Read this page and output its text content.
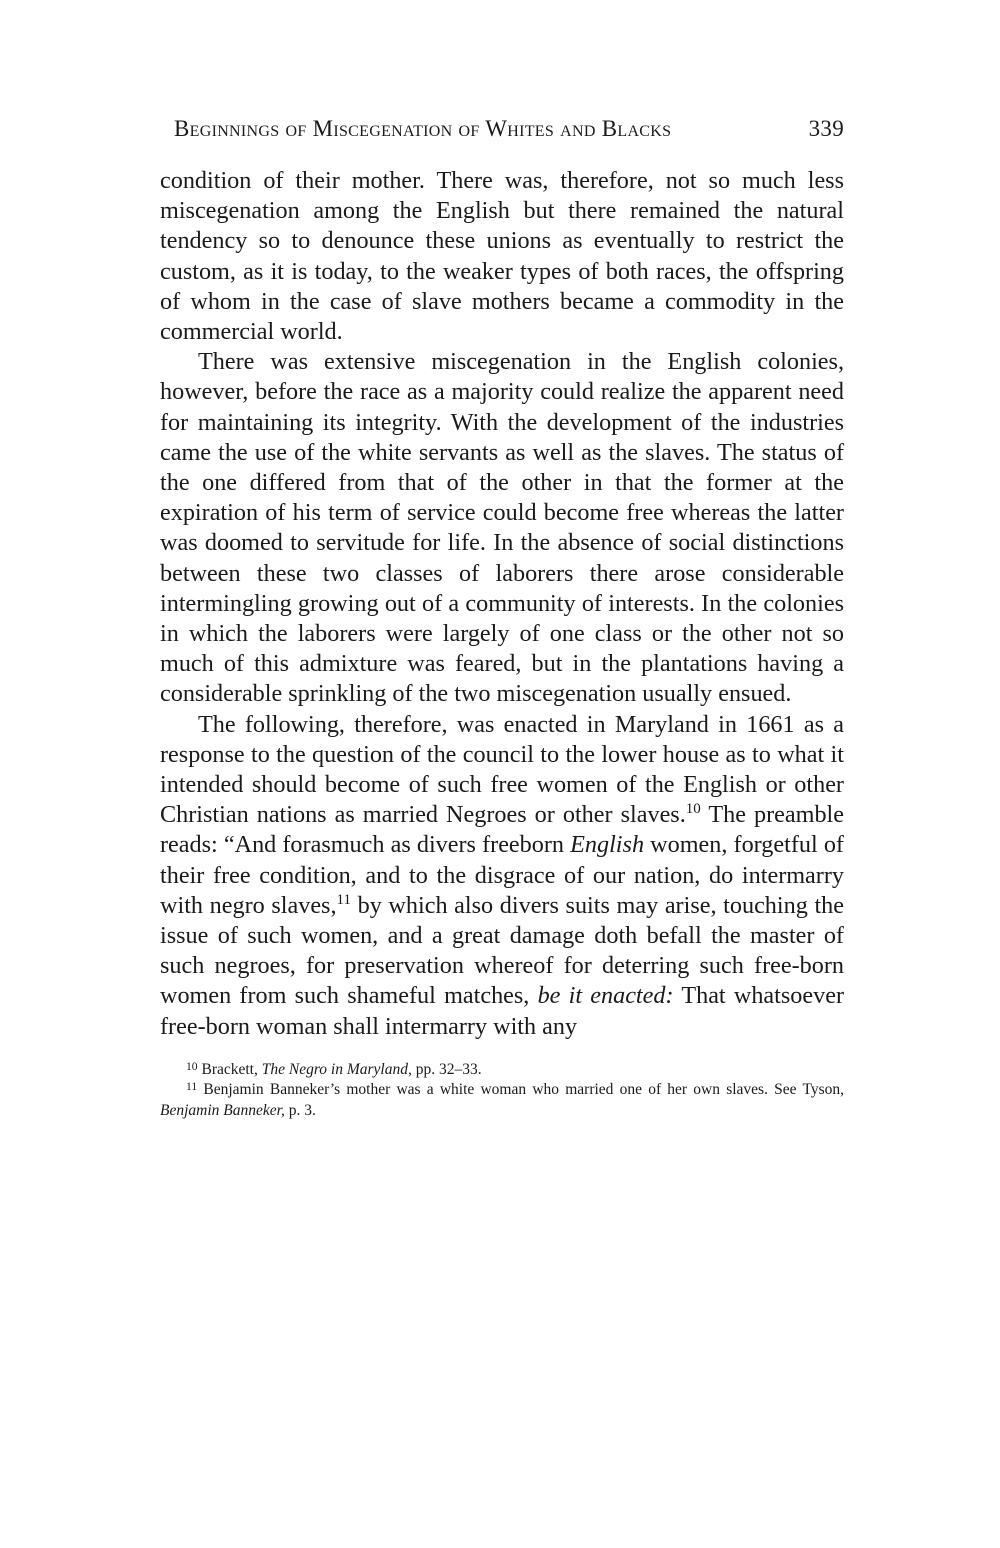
Beginnings of Miscegenation of Whites and Blacks	339

condition of their mother. There was, therefore, not so much less miscegenation among the English but there remained the natural tendency so to denounce these unions as eventually to restrict the custom, as it is today, to the weaker types of both races, the offspring of whom in the case of slave mothers became a commodity in the commercial world.

There was extensive miscegenation in the English colonies, however, before the race as a majority could realize the apparent need for maintaining its integrity. With the development of the industries came the use of the white servants as well as the slaves. The status of the one differed from that of the other in that the former at the expiration of his term of service could become free whereas the latter was doomed to servitude for life. In the absence of social distinctions between these two classes of laborers there arose considerable intermingling growing out of a community of interests. In the colonies in which the laborers were largely of one class or the other not so much of this admixture was feared, but in the plantations having a considerable sprinkling of the two miscegenation usually ensued.

The following, therefore, was enacted in Maryland in 1661 as a response to the question of the council to the lower house as to what it intended should become of such free women of the English or other Christian nations as married Negroes or other slaves.$^{10}$ The preamble reads: “And forasmuch as divers freeborn English women, forgetful of their free condition, and to the disgrace of our nation, do intermarry with negro slaves,$^{11}$ by which also divers suits may arise, touching the issue of such women, and a great damage doth befall the master of such negroes, for preservation whereof for deterring such free-born women from such shameful matches, be it enacted: That whatsoever free-born woman shall intermarry with any

$^{10}$ Brackett, The Negro in Maryland, pp. 32–33.

$^{11}$ Benjamin Banneker’s mother was a white woman who married one of her own slaves. See Tyson, Benjamin Banneker, p. 3.
